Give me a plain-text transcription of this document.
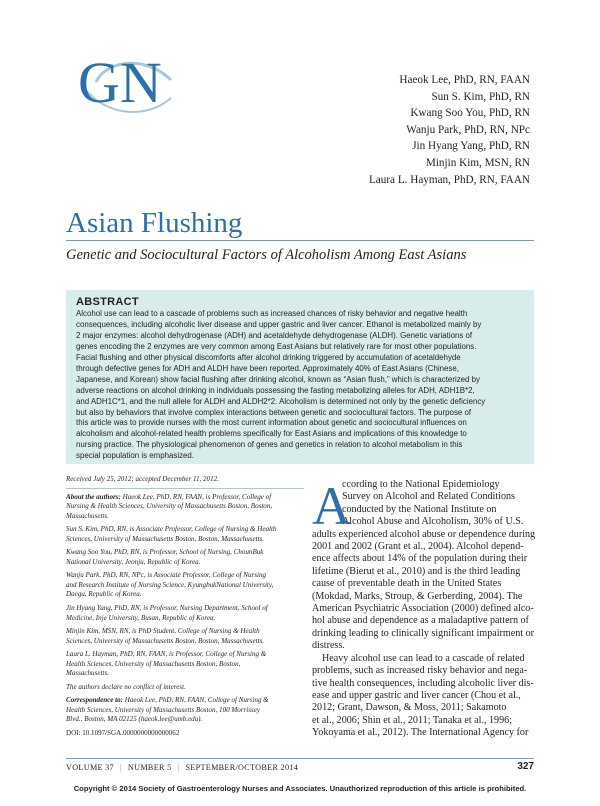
GN	Haeok Lee, PhD, RN, FAAN
Sun S. Kim, PhD, RN
Kwang Soo You, PhD, RN
Wanju Park, PhD, RN, NPc
Jin Hyang Yang, PhD, RN
Minjin Kim, MSN, RN
Laura L. Hayman, PhD, RN, FAAN
Asian Flushing
Genetic and Sociocultural Factors of Alcoholism Among East Asians
ABSTRACT
Alcohol use can lead to a cascade of problems such as increased chances of risky behavior and negative health
consequences, including alcoholic liver disease and upper gastric and liver cancer. Ethanol is metabolized mainly by
2 major enzymes: alcohol dehydrogenase (ADH) and acetaldehyde dehydrogenase (ALDH). Genetic variations of
genes encoding the 2 enzymes are very common among East Asians but relatively rare for most other populations.
Facial flushing and other physical discomforts after alcohol drinking triggered by accumulation of acetaldehyde
through defective genes for ADH and ALDH have been reported. Approximately 40% of East Asians (Chinese,
Japanese, and Korean) show facial flushing after drinking alcohol, known as “Asian flush,” which is characterized by
adverse reactions on alcohol drinking in individuals possessing the fasting metabolizing alleles for ADH, ADH1B*2,
and ADH1C*1, and the null allele for ALDH and ALDH2*2. Alcoholism is determined not only by the genetic deficiency
but also by behaviors that involve complex interactions between genetic and sociocultural factors. The purpose of
this article was to provide nurses with the most current information about genetic and sociocultural influences on
alcoholism and alcohol-related health problems specifically for East Asians and implications of this knowledge to
nursing practice. The physiological phenomenon of genes and genetics in relation to alcohol metabolism in this
special population is emphasized.
Received July 25, 2012; accepted December 11, 2012.

About the authors: Haeok Lee, PhD, RN, FAAN, is Professor, College of
Nursing & Health Sciences, University of Massachusetts Boston, Boston,
Massachusetts.

Sun S. Kim, PhD, RN, is Associate Professor, College of Nursing & Health
Sciences, University of Massachusetts Boston, Boston, Massachusetts.

Kwang Soo You, PhD, RN, is Professor, School of Nursing, ChounBuk
National University, Jeonju, Republic of Korea.

Wanju Park, PhD, RN, NPc, is Associate Professor, College of Nursing
and Research Institute of Nursing Science, KyungbukNational University,
Daegu, Republic of Korea.

Jin Hyang Yang, PhD, RN, is Professor, Nursing Department, School of
Medicine, Inje University, Busan, Republic of Korea.

Minjin Kim, MSN, RN, is PhD Student, College of Nursing & Health
Sciences, University of Massachusetts Boston, Boston, Massachusetts.

Laura L. Hayman, PhD, RN, FAAN, is Professor, College of Nursing &
Health Sciences, University of Massachusetts Boston, Boston,
Massachusetts.

The authors declare no conflict of interest.

Correspondence to: Haeok Lee, PhD, RN, FAAN, College of Nursing &
Health Sciences, University of Massachusetts Boston, 100 Morrissey
Blvd., Boston, MA 02125 (haeok.lee@umb.edu).

DOI: 10.1097/SGA.0000000000000062

A
ccording to the National Epidemiology
Survey on Alcohol and Related Conditions
conducted by the National Institute on
Alcohol Abuse and Alcoholism, 30% of U.S.
adults experienced alcohol abuse or dependence during
2001 and 2002 (Grant et al., 2004). Alcohol depend-
ence affects about 14% of the population during their
lifetime (Bierut et al., 2010) and is the third leading
cause of preventable death in the United States
(Mokdad, Marks, Stroup, & Gerberding, 2004). The
American Psychiatric Association (2000) defined alco-
hol abuse and dependence as a maladaptive pattern of
drinking leading to clinically significant impairment or
distress.
Heavy alcohol use can lead to a cascade of related
problems, such as increased risky behavior and nega-
tive health consequences, including alcoholic liver dis-
ease and upper gastric and liver cancer (Chou et al.,
2012; Grant, Dawson, & Moss, 2011; Sakamoto
et al., 2006; Shin et al., 2011; Tanaka et al., 1996;
Yokoyama et al., 2012). The International Agency for
VOLUME 37 | NUMBER 5 | SEPTEMBER/OCTOBER 2014	327
Copyright © 2014 Society of Gastroenterology Nurses and Associates. Unauthorized reproduction of this article is prohibited.
